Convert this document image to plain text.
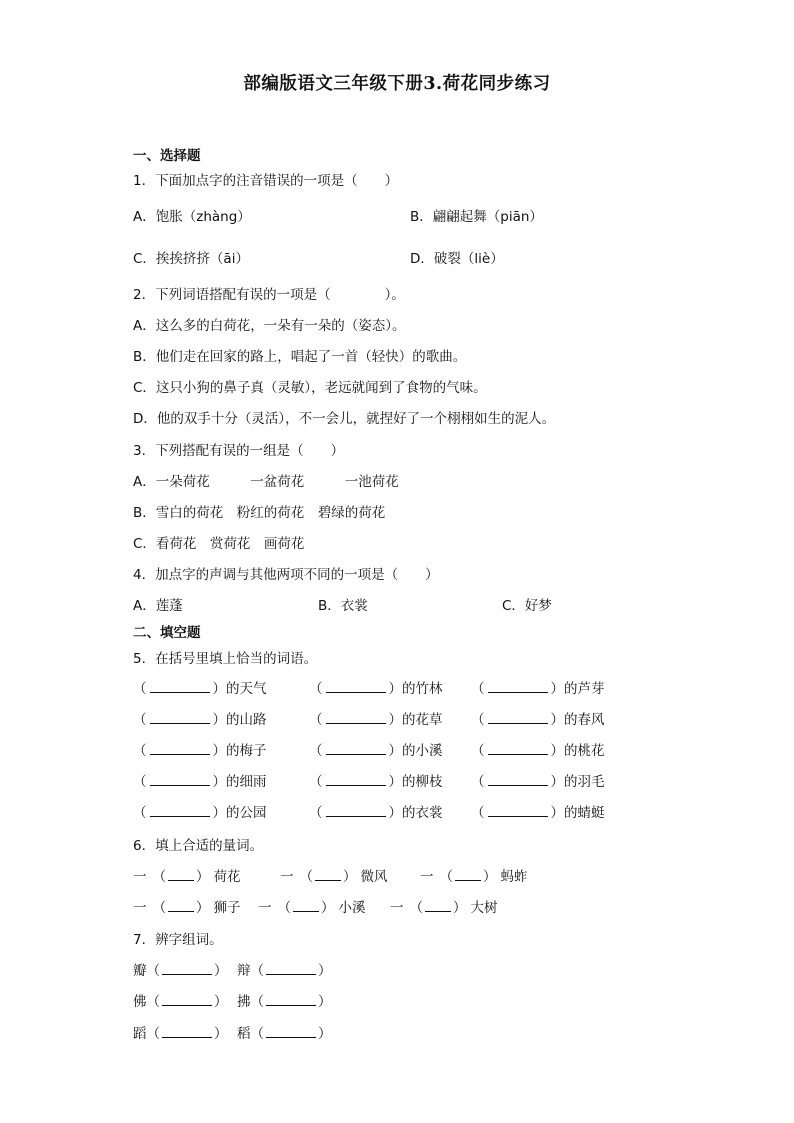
部编版语文三年级下册3.荷花同步练习
一、选择题
1．下面加点字的注音错误的一项是（　　）
A．饱胀（zhàng）	B．翩翩起舞（piān）
C．挨挨挤挤（āi）	D．破裂（liè）
2．下列词语搭配有误的一项是（　　　　）。
A．这么多的白荷花，一朵有一朵的（姿态）。
B．他们走在回家的路上，唱起了一首（轻快）的歌曲。
C．这只小狗的鼻子真（灵敏），老远就闻到了食物的气味。
D．他的双手十分（灵活），不一会儿，就捏好了一个栩栩如生的泥人。
3．下列搭配有误的一组是（　　）
A．一朵荷花　　　一盆荷花　　　一池荷花
B．雪白的荷花　粉红的荷花　碧绿的荷花
C．看荷花　赏荷花　画荷花
4．加点字的声调与其他两项不同的一项是（　　）
A．莲蓬	B．衣裳	C．好梦
二、填空题
5．在括号里填上恰当的词语。
（	）的天气	（	）的竹林 （	）的芦芽
（	）的山路	（	）的花草 （	）的春风
（	）的梅子	（	）的小溪 （	）的桃花
（	）的细雨	（	）的柳枝 （	）的羽毛
（	）的公园	（	）的衣裳 （	）的蜻蜓
6．填上合适的量词。
一 （ ） 荷花	一 （ ） 微风 一 （ ） 蚂蚱
一 （ ） 狮子 一 （ ） 小溪 一 （ ） 大树
7．辨字组词。
瓣（	） 辩（	）
佛（	） 拂（	）
蹈（	） 稻（	）
